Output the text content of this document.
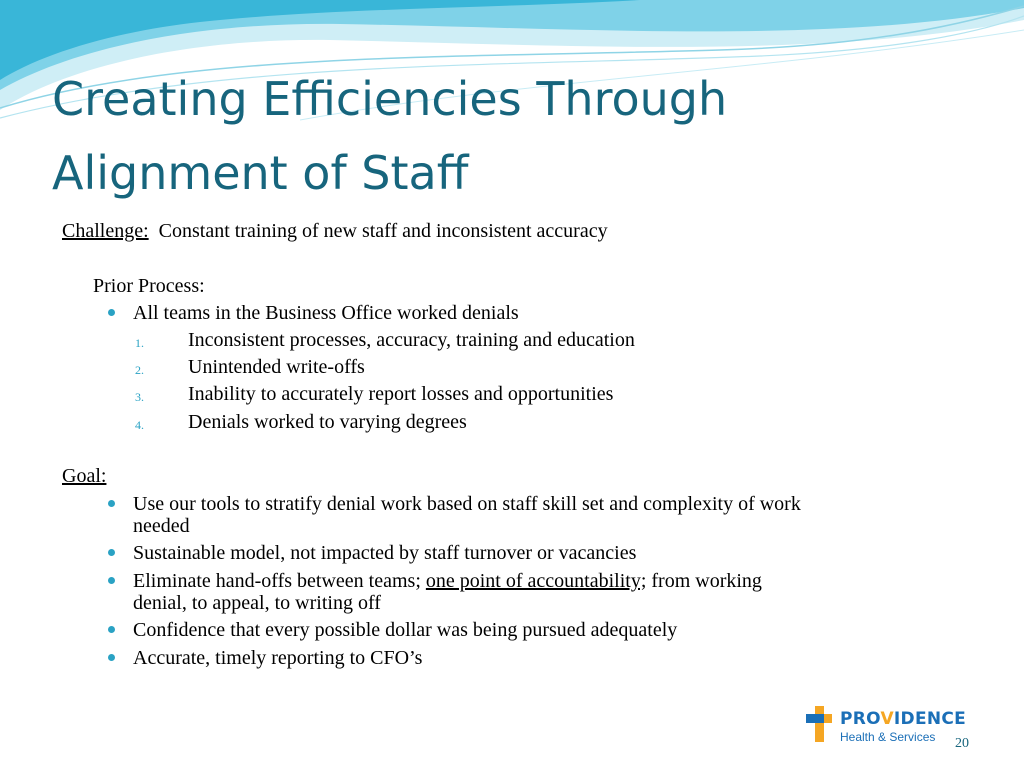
Creating Efficiencies Through
Alignment of Staff
Challenge: Constant training of new staff and inconsistent accuracy
Prior Process:
All teams in the Business Office worked denials
1. Inconsistent processes, accuracy, training and education
2. Unintended write-offs
3. Inability to accurately report losses and opportunities
4. Denials worked to varying degrees
Goal:
Use our tools to stratify denial work based on staff skill set and complexity of work
needed
Sustainable model, not impacted by staff turnover or vacancies
Eliminate hand-offs between teams; one point of accountability; from working
denial, to appeal, to writing off
Confidence that every possible dollar was being pursued adequately
Accurate, timely reporting to CFO’s
PROVIDENCE
Health & Services 20
